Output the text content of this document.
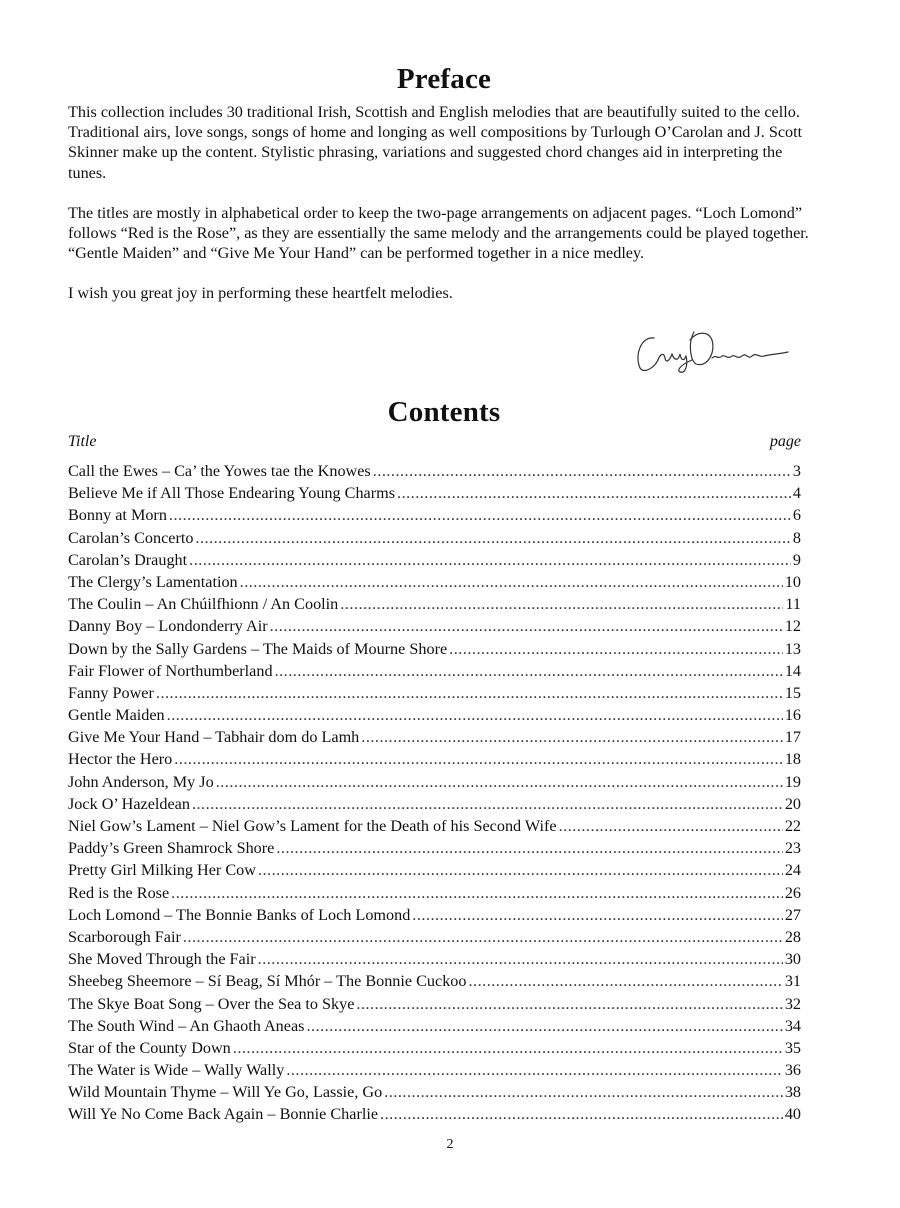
Preface

This collection includes 30 traditional Irish, Scottish and English melodies that are beautifully suited to the cello. Traditional airs, love songs, songs of home and longing as well compositions by Turlough O’Carolan and J. Scott Skinner make up the content. Stylistic phrasing, variations and suggested chord changes aid in interpreting the tunes.

The titles are mostly in alphabetical order to keep the two-page arrangements on adjacent pages. “Loch Lomond” follows “Red is the Rose”, as they are essentially the same melody and the arrangements could be played together. “Gentle Maiden” and “Give Me Your Hand” can be performed together in a nice medley.

I wish you great joy in performing these heartfelt melodies.

Contents
Title	page
Call the Ewes – Ca’ the Yowes tae the Knowes .....	3
Believe Me if All Those Endearing Young Charms .....	4
Bonny at Morn .....	6
Carolan’s Concerto .....	8
Carolan’s Draught .....	9
The Clergy’s Lamentation .....	10
The Coulin – An Chúilfhionn / An Coolin .....	11
Danny Boy – Londonderry Air .....	12
Down by the Sally Gardens – The Maids of Mourne Shore .....	13
Fair Flower of Northumberland .....	14
Fanny Power .....	15
Gentle Maiden .....	16
Give Me Your Hand – Tabhair dom do Lamh .....	17
Hector the Hero .....	18
John Anderson, My Jo .....	19
Jock O’ Hazeldean .....	20
Niel Gow’s Lament – Niel Gow’s Lament for the Death of his Second Wife .....	22
Paddy’s Green Shamrock Shore .....	23
Pretty Girl Milking Her Cow .....	24
Red is the Rose .....	26
Loch Lomond – The Bonnie Banks of Loch Lomond .....	27
Scarborough Fair .....	28
She Moved Through the Fair .....	30
Sheebeg Sheemore – Sí Beag, Sí Mhór – The Bonnie Cuckoo .....	31
The Skye Boat Song – Over the Sea to Skye .....	32
The South Wind – An Ghaoth Aneas .....	34
Star of the County Down .....	35
The Water is Wide – Wally Wally .....	36
Wild Mountain Thyme – Will Ye Go, Lassie, Go .....	38
Will Ye No Come Back Again – Bonnie Charlie .....	40
2
